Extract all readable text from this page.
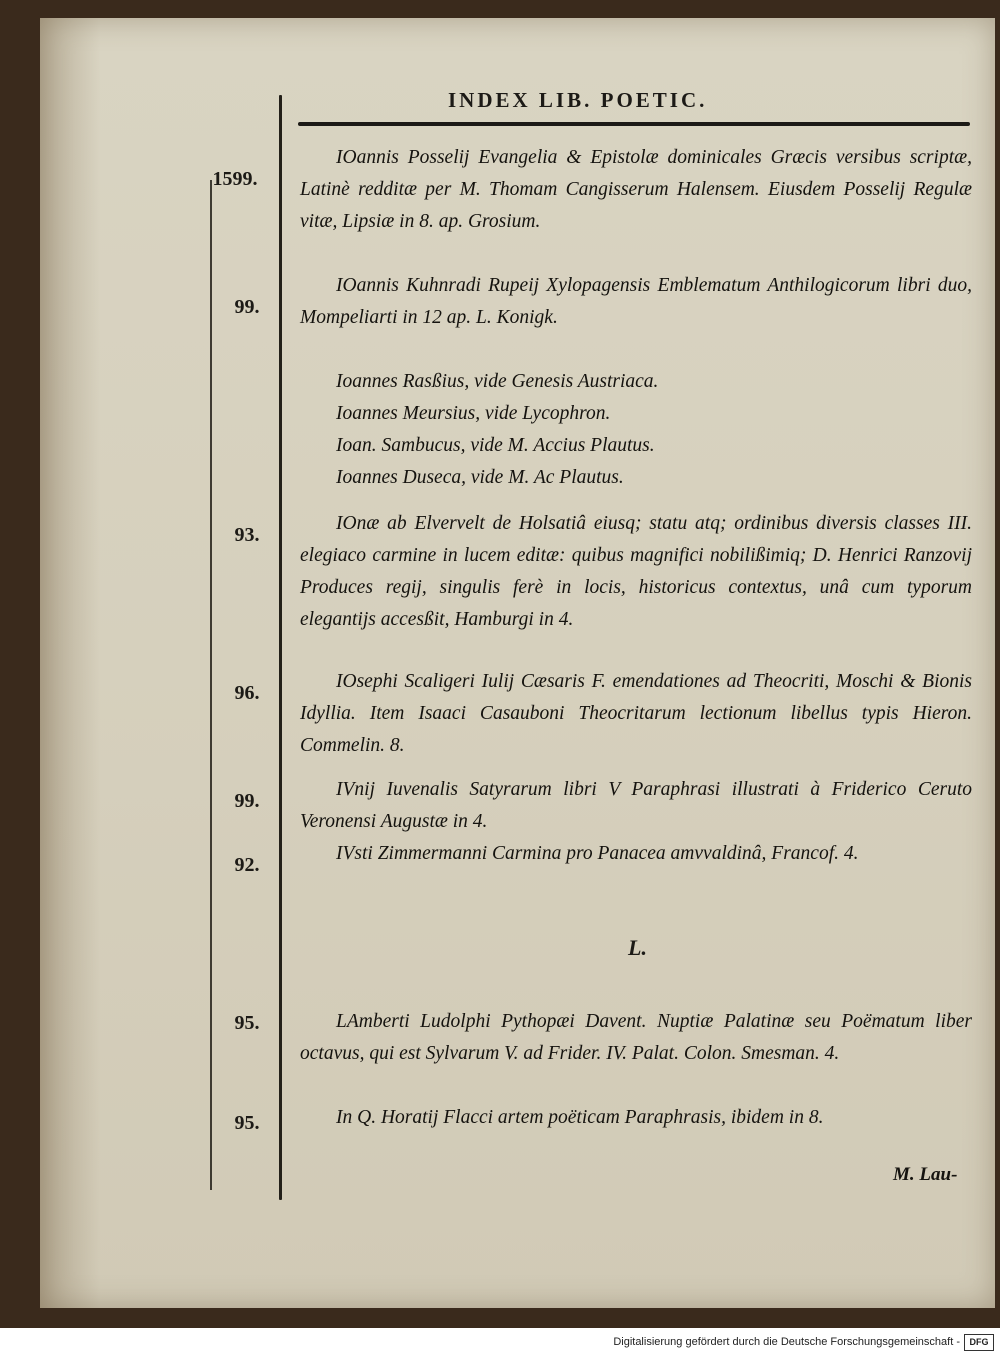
INDEX LIB. POETIC.
1599.
99.
93.
96.
99.
92.
95.
95.
IOannis Posselij Evangelia & Epistolæ dominicales Græcis versibus scriptæ, Latinè redditæ per M. Thomam Cangisserum Halensem. Eiusdem Posselij Regulæ vitæ, Lipsiæ in 8. ap. Grosium.
IOannis Kuhnradi Rupeij Xylopagensis Emblematum Anthilogicorum libri duo, Mompeliarti in 12 ap. L. Konigk.
Ioannes Rasßius, vide Genesis Austriaca.
Ioannes Meursius, vide Lycophron.
Ioan. Sambucus, vide M. Accius Plautus.
Ioannes Duseca, vide M. Ac Plautus.
IOnæ ab Elvervelt de Holsatiâ eiusq; statu atq; ordinibus diversis classes III. elegiaco carmine in lucem editæ: quibus magnifici nobilißimiq; D. Henrici Ranzovij Produces regij, singulis ferè in locis, historicus contextus, unâ cum typorum elegantijs accesßit, Hamburgi in 4.
IOsephi Scaligeri Iulij Cæsaris F. emendationes ad Theocriti, Moschi & Bionis Idyllia. Item Isaaci Casauboni Theocritarum lectionum libellus typis Hieron. Commelin. 8.
IVnij Iuvenalis Satyrarum libri V Paraphrasi illustrati à Friderico Ceruto Veronensi Augustæ in 4.
IVsti Zimmermanni Carmina pro Panacea amvvaldinâ, Francof. 4.
L.
LAmberti Ludolphi Pythopæi Davent. Nuptiæ Palatinæ seu Poëmatum liber octavus, qui est Sylvarum V. ad Frider. IV. Palat. Colon. Smesman. 4.
In Q. Horatij Flacci artem poëticam Paraphrasis, ibidem in 8.
M. Lau-
Digitalisierung gefördert durch die Deutsche Forschungsgemeinschaft -	DFG
